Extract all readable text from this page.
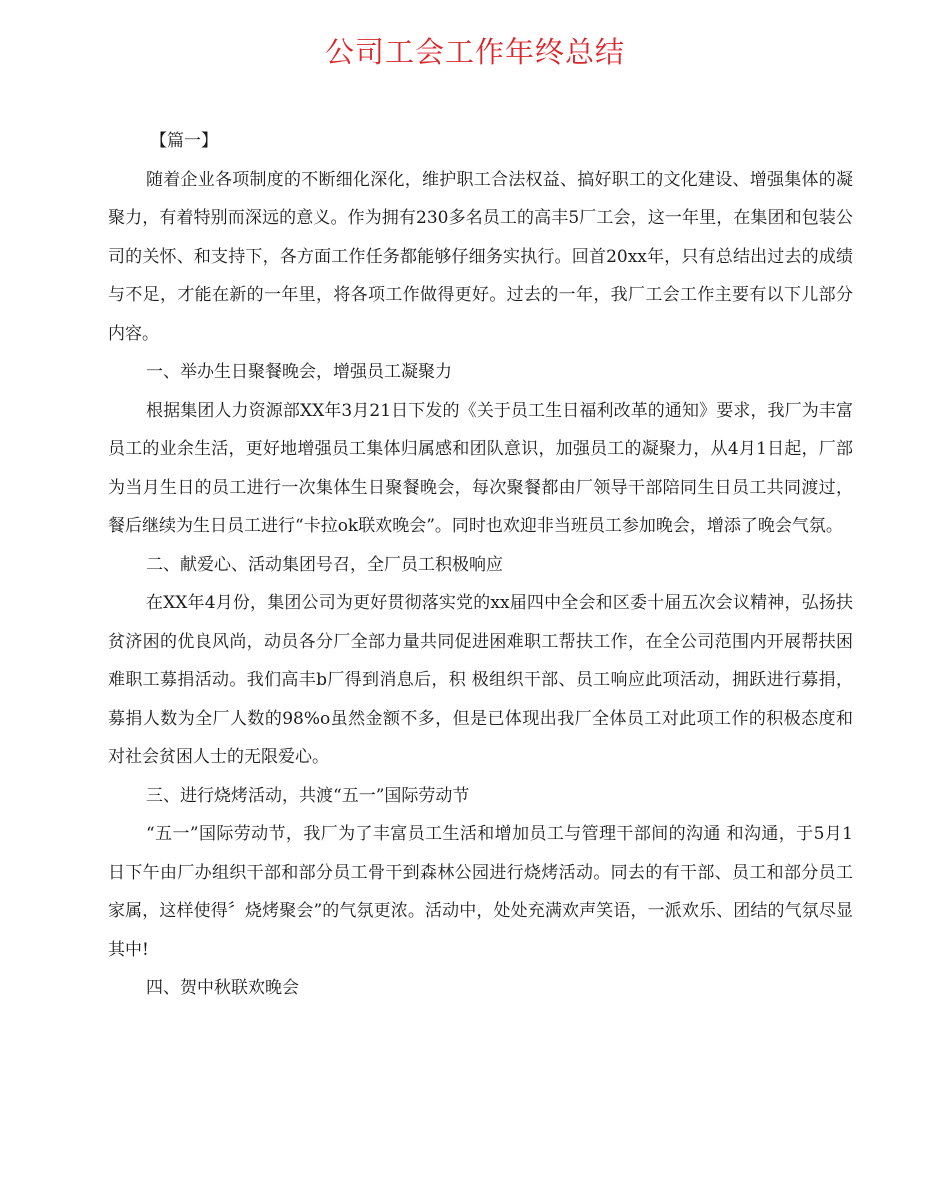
公司工会工作年终总结

【篇一】

随着企业各项制度的不断细化深化，维护职工合法权益、搞好职工的文化建设、增强集体的凝聚力，有着特别而深远的意义。作为拥有230多名员工的高丰5厂工会，这一年里，在集团和包装公司的关怀、和支持下，各方面工作任务都能够仔细务实执行。回首20xx年，只有总结出过去的成绩与不足，才能在新的一年里，将各项工作做得更好。过去的一年，我厂工会工作主要有以下儿部分内容。

一、举办生日聚餐晚会，增强员工凝聚力

根据集团人力资源部XX年3月21日下发的《关于员工生日福利改革的通知》要求，我厂为丰富员工的业余生活，更好地增强员工集体归属感和团队意识，加强员工的凝聚力，从4月1日起，厂部为当月生日的员工进行一次集体生日聚餐晚会，每次聚餐都由厂领导干部陪同生日员工共同渡过，餐后继续为生日员工进行“卡拉ok联欢晚会”。同时也欢迎非当班员工参加晚会，增添了晚会气氛。

二、献爱心、活动集团号召，全厂员工积极响应

在XX年4月份，集团公司为更好贯彻落实党的xx届四中全会和区委十届五次会议精神，弘扬扶贫济困的优良风尚，动员各分厂全部力量共同促进困难职工帮扶工作，在全公司范围内开展帮扶困难职工募捐活动。我们高丰b厂得到消息后，积 极组织干部、员工响应此项活动，拥跃进行募捐，募捐人数为全厂人数的98%o虽然金额不多，但是已体现出我厂全体员工对此项工作的积极态度和对社会贫困人士的无限爱心。

三、进行烧烤活动，共渡“五一”国际劳动节

“五一”国际劳动节，我厂为了丰富员工生活和增加员工与管理干部间的沟通 和沟通，于5月1日下午由厂办组织干部和部分员工骨干到森林公园进行烧烤活动。同去的有干部、员工和部分员工家属，这样使得〞烧烤聚会”的气氛更浓。活动中，处处充满欢声笑语，一派欢乐、团结的气氛尽显其中!

四、贺中秋联欢晚会
